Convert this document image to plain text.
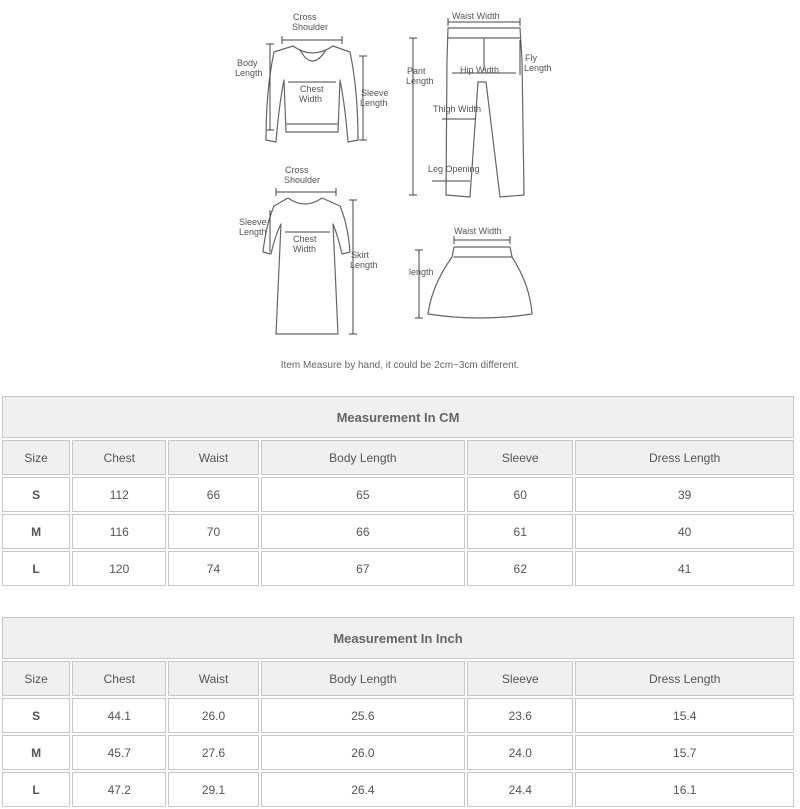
Cross
Shoulder
Body
Length
Chest
Width
Sleeve
Length
Waist Width
Pant
Length
Hip Width
Fly
Length
Thigh Width
Leg Opening
Cross
Shoulder
Sleeve
Length
Chest
Width
Skirt
Length
Waist Width
length
Item Measure by hand, it could be 2cm~3cm different.
Measurement In CM					
Size	Chest	Waist	Body Length	Sleeve	Dress Length
S	112	66	65	60	39
M	116	70	66	61	40
L	120	74	67	62	41
Measurement In Inch					
Size	Chest	Waist	Body Length	Sleeve	Dress Length
S	44.1	26.0	25.6	23.6	15.4
M	45.7	27.6	26.0	24.0	15.7
L	47.2	29.1	26.4	24.4	16.1
